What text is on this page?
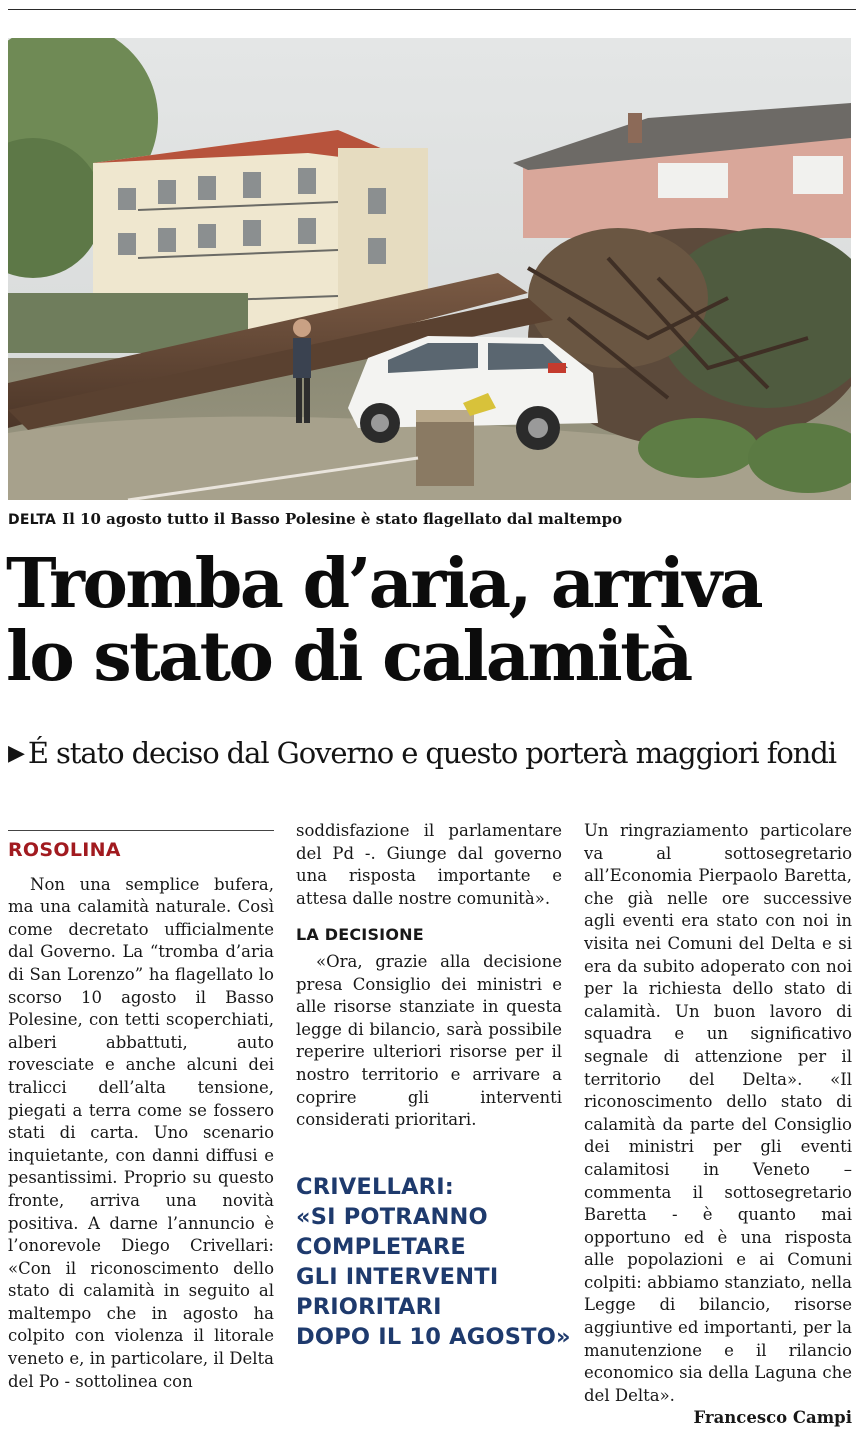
DELTA Il 10 agosto tutto il Basso Polesine è stato flagellato dal maltempo
Tromba d’aria, arriva
lo stato di calamità
▶ É stato deciso dal Governo e questo porterà maggiori fondi
ROSOLINA

Non una semplice bufera, ma una calamità naturale. Così come decretato ufficialmente dal Governo. La “tromba d’aria di San Lorenzo” ha flagellato lo scorso 10 agosto il Basso Polesine, con tetti scoperchiati, alberi abbattuti, auto rovesciate e anche alcuni dei tralicci dell’alta tensione, piegati a terra come se fossero stati di carta. Uno scenario inquietante, con danni diffusi e pesantissimi. Proprio su questo fronte, arriva una novità positiva. A darne l’annuncio è l’onorevole Diego Crivellari: «Con il riconoscimento dello stato di calamità in seguito al maltempo che in agosto ha colpito con violenza il litorale veneto e, in particolare, il Delta del Po - sottolinea con

soddisfazione il parlamentare del Pd -. Giunge dal governo una risposta importante e attesa dalle nostre comunità».

LA DECISIONE

«Ora, grazie alla decisione presa Consiglio dei ministri e alle risorse stanziate in questa legge di bilancio, sarà possibile reperire ulteriori risorse per il nostro territorio e arrivare a coprire gli interventi considerati prioritari.

CRIVELLARI:
«SI POTRANNO
COMPLETARE
GLI INTERVENTI
PRIORITARI
DOPO IL 10 AGOSTO»

Un ringraziamento particolare va al sottosegretario all’Economia Pierpaolo Baretta, che già nelle ore successive agli eventi era stato con noi in visita nei Comuni del Delta e si era da subito adoperato con noi per la richiesta dello stato di calamità. Un buon lavoro di squadra e un significativo segnale di attenzione per il territorio del Delta». «Il riconoscimento dello stato di calamità da parte del Consiglio dei ministri per gli eventi calamitosi in Veneto – commenta il sottosegretario Baretta - è quanto mai opportuno ed è una risposta alle popolazioni e ai Comuni colpiti: abbiamo stanziato, nella Legge di bilancio, risorse aggiuntive ed importanti, per la manutenzione e il rilancio economico sia della Laguna che del Delta».

Francesco Campi
